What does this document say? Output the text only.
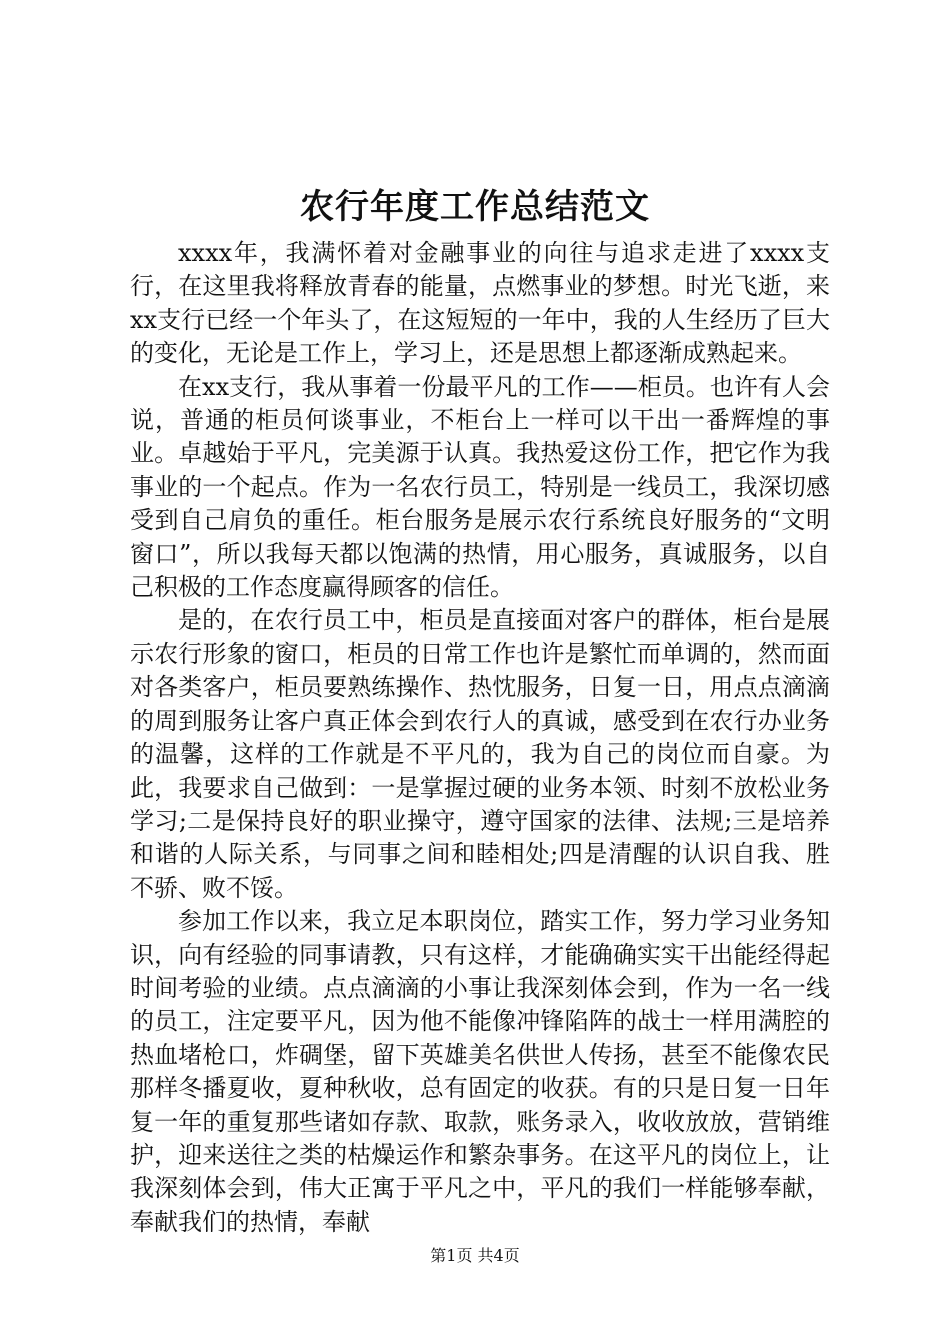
农行年度工作总结范文

xxxx年，我满怀着对金融事业的向往与追求走进了xxxx支行，在这里我将释放青春的能量，点燃事业的梦想。时光飞逝，来xx支行已经一个年头了，在这短短的一年中，我的人生经历了巨大的变化，无论是工作上，学习上，还是思想上都逐渐成熟起来。

在xx支行，我从事着一份最平凡的工作——柜员。也许有人会说，普通的柜员何谈事业，不柜台上一样可以干出一番辉煌的事业。卓越始于平凡，完美源于认真。我热爱这份工作，把它作为我事业的一个起点。作为一名农行员工，特别是一线员工，我深切感受到自己肩负的重任。柜台服务是展示农行系统良好服务的“文明窗口”，所以我每天都以饱满的热情，用心服务，真诚服务，以自己积极的工作态度赢得顾客的信任。

是的，在农行员工中，柜员是直接面对客户的群体，柜台是展示农行形象的窗口，柜员的日常工作也许是繁忙而单调的，然而面对各类客户，柜员要熟练操作、热忱服务，日复一日，用点点滴滴的周到服务让客户真正体会到农行人的真诚，感受到在农行办业务的温馨，这样的工作就是不平凡的，我为自己的岗位而自豪。为此，我要求自己做到：一是掌握过硬的业务本领、时刻不放松业务学习;二是保持良好的职业操守，遵守国家的法律、法规;三是培养和谐的人际关系，与同事之间和睦相处;四是清醒的认识自我、胜不骄、败不馁。

参加工作以来，我立足本职岗位，踏实工作，努力学习业务知识，向有经验的同事请教，只有这样，才能确确实实干出能经得起时间考验的业绩。点点滴滴的小事让我深刻体会到，作为一名一线的员工，注定要平凡，因为他不能像冲锋陷阵的战士一样用满腔的热血堵枪口，炸碉堡，留下英雄美名供世人传扬，甚至不能像农民那样冬播夏收，夏种秋收，总有固定的收获。有的只是日复一日年复一年的重复那些诸如存款、取款，账务录入，收收放放，营销维护，迎来送往之类的枯燥运作和繁杂事务。在这平凡的岗位上，让我深刻体会到，伟大正寓于平凡之中，平凡的我们一样能够奉献，奉献我们的热情，奉献

第1页 共4页
